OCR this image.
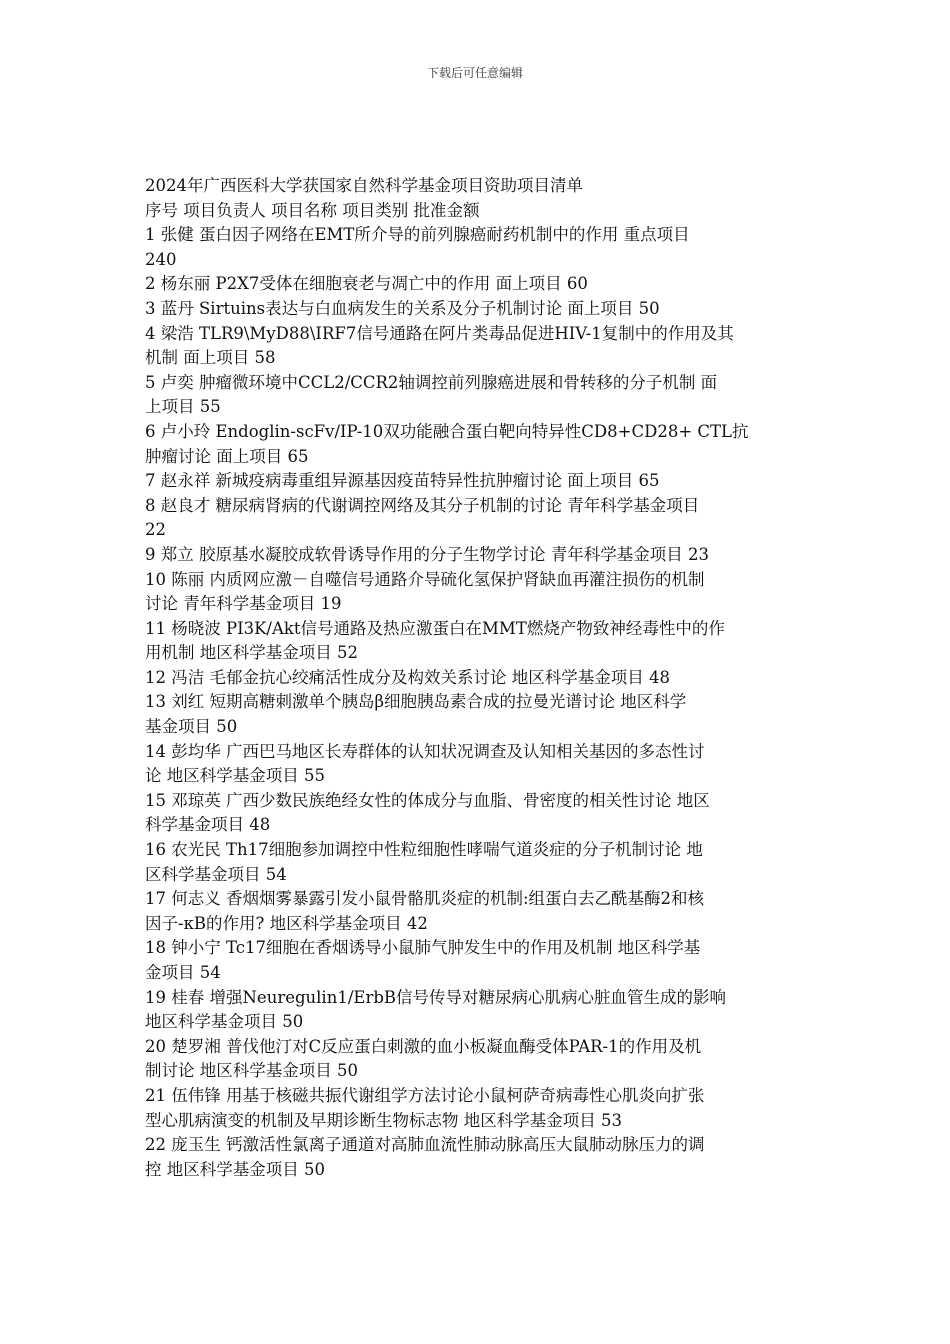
下载后可任意编辑

2024年广西医科大学获国家自然科学基金项目资助项目清单

序号 项目负责人 项目名称 项目类别 批准金额

1 张健 蛋白因子网络在EMT所介导的前列腺癌耐药机制中的作用 重点项目

240

2 杨东丽 P2X7受体在细胞衰老与凋亡中的作用 面上项目 60

3 蓝丹 Sirtuins表达与白血病发生的关系及分子机制讨论 面上项目 50

4 梁浩 TLR9\MyD88\IRF7信号通路在阿片类毒品促进HIV-1复制中的作用及其

机制 面上项目 58

5 卢奕 肿瘤微环境中CCL2/CCR2轴调控前列腺癌进展和骨转移的分子机制 面

上项目 55

6 卢小玲 Endoglin-scFv/IP-10双功能融合蛋白靶向特异性CD8+CD28+ CTL抗

肿瘤讨论 面上项目 65

7 赵永祥 新城疫病毒重组异源基因疫苗特异性抗肿瘤讨论 面上项目 65

8 赵良才 糖尿病肾病的代谢调控网络及其分子机制的讨论 青年科学基金项目

22

9 郑立 胶原基水凝胶成软骨诱导作用的分子生物学讨论 青年科学基金项目 23

10 陈丽 内质网应激－自噬信号通路介导硫化氢保护肾缺血再灌注损伤的机制

讨论 青年科学基金项目 19

11 杨晓波 PI3K/Akt信号通路及热应激蛋白在MMT燃烧产物致神经毒性中的作

用机制 地区科学基金项目 52

12 冯洁 毛郁金抗心绞痛活性成分及构效关系讨论 地区科学基金项目 48

13 刘红 短期高糖刺激单个胰岛β细胞胰岛素合成的拉曼光谱讨论 地区科学

基金项目 50

14 彭均华 广西巴马地区长寿群体的认知状况调查及认知相关基因的多态性讨

论 地区科学基金项目 55

15 邓琼英 广西少数民族绝经女性的体成分与血脂、骨密度的相关性讨论 地区

科学基金项目 48

16 农光民 Th17细胞参加调控中性粒细胞性哮喘气道炎症的分子机制讨论 地

区科学基金项目 54

17 何志义 香烟烟雾暴露引发小鼠骨骼肌炎症的机制:组蛋白去乙酰基酶2和核

因子-κB的作用? 地区科学基金项目 42

18 钟小宁 Tc17细胞在香烟诱导小鼠肺气肿发生中的作用及机制 地区科学基

金项目 54

19 桂春 增强Neuregulin1/ErbB信号传导对糖尿病心肌病心脏血管生成的影响

地区科学基金项目 50

20 楚罗湘 普伐他汀对C反应蛋白刺激的血小板凝血酶受体PAR-1的作用及机

制讨论 地区科学基金项目 50

21 伍伟锋 用基于核磁共振代谢组学方法讨论小鼠柯萨奇病毒性心肌炎向扩张

型心肌病演变的机制及早期诊断生物标志物 地区科学基金项目 53

22 庞玉生 钙激活性氯离子通道对高肺血流性肺动脉高压大鼠肺动脉压力的调

控 地区科学基金项目 50
